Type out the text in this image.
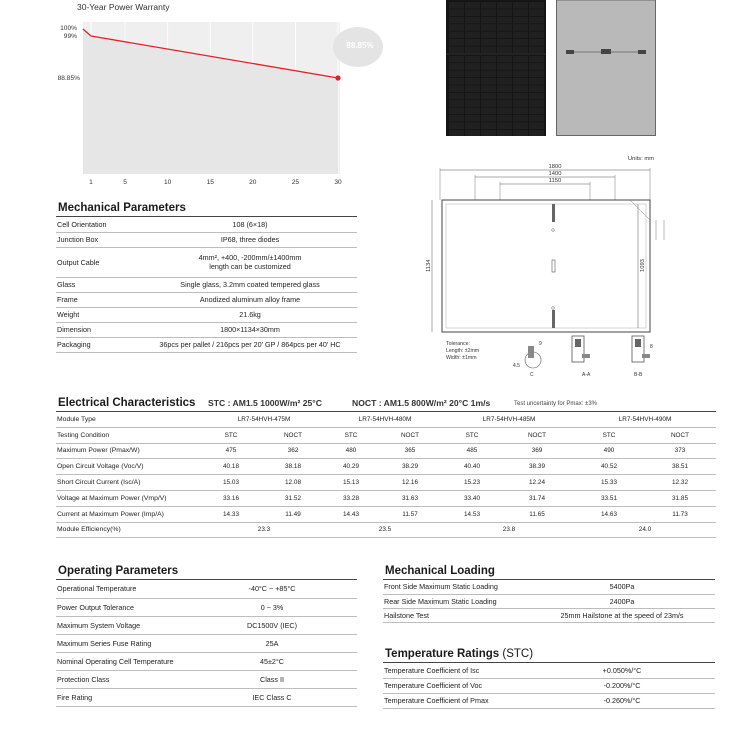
30-Year Power Warranty
100%
99%
88.85%
1	5	10	15	20	25	30
88.85%
Units: mm
1800
1400
1150
1134	1093
Tolerance:
Length: ±2mm
Width: ±1mm
4.5
9
C	A-A
8
B-B
Mechanical Parameters
Cell Orientation	108 (6×18)
Junction Box	IP68, three diodes
Output Cable	4mm², +400, -200mm/±1400mm
length can be customized

Glass	Single glass, 3.2mm coated tempered glass
Frame	Anodized aluminum alloy frame
Weight	21.6kg
Dimension	1800×1134×30mm
Packaging	36pcs per pallet / 216pcs per 20' GP / 864pcs per 40' HC
Electrical Characteristics STC : AM1.5 1000W/m² 25°C	NOCT : AM1.5 800W/m² 20°C 1m/s	Test uncertainty for Pmax: ±3%
Module Type	LR7-54HVH-475M		LR7-54HVH-480M		LR7-54HVH-485M		LR7-54HVH-490M	
Testing Condition	STC	NOCT	STC	NOCT	STC	NOCT	STC	NOCT
Maximum Power (Pmax/W)	475	362	480	365	485	369	490	373
Open Circuit Voltage (Voc/V)	40.18	38.18	40.29	38.29	40.40	38.39	40.52	38.51
Short Circuit Current (Isc/A)	15.03	12.08	15.13	12.16	15.23	12.24	15.33	12.32
Voltage at Maximum Power (Vmp/V)	33.16	31.52	33.28	31.63	33.40	31.74	33.51	31.85
Current at Maximum Power (Imp/A)	14.33	11.49	14.43	11.57	14.53	11.65	14.63	11.73
Module Efficiency(%)	23.3		23.5		23.8		24.0	
Operating Parameters
Operational Temperature	-40°C ~ +85°C
Power Output Tolerance	0 ~ 3%
Maximum System Voltage	DC1500V (IEC)
Maximum Series Fuse Rating	25A
Nominal Operating Cell Temperature	45±2°C
Protection Class	Class II
Fire Rating	IEC Class C
Mechanical Loading
Front Side Maximum Static Loading	5400Pa
Rear Side Maximum Static Loading	2400Pa
Hailstone Test	25mm Hailstone at the speed of 23m/s
Temperature Ratings (STC)
Temperature Coefficient of Isc	+0.050%/°C
Temperature Coefficient of Voc	-0.200%/°C
Temperature Coefficient of Pmax	-0.260%/°C
